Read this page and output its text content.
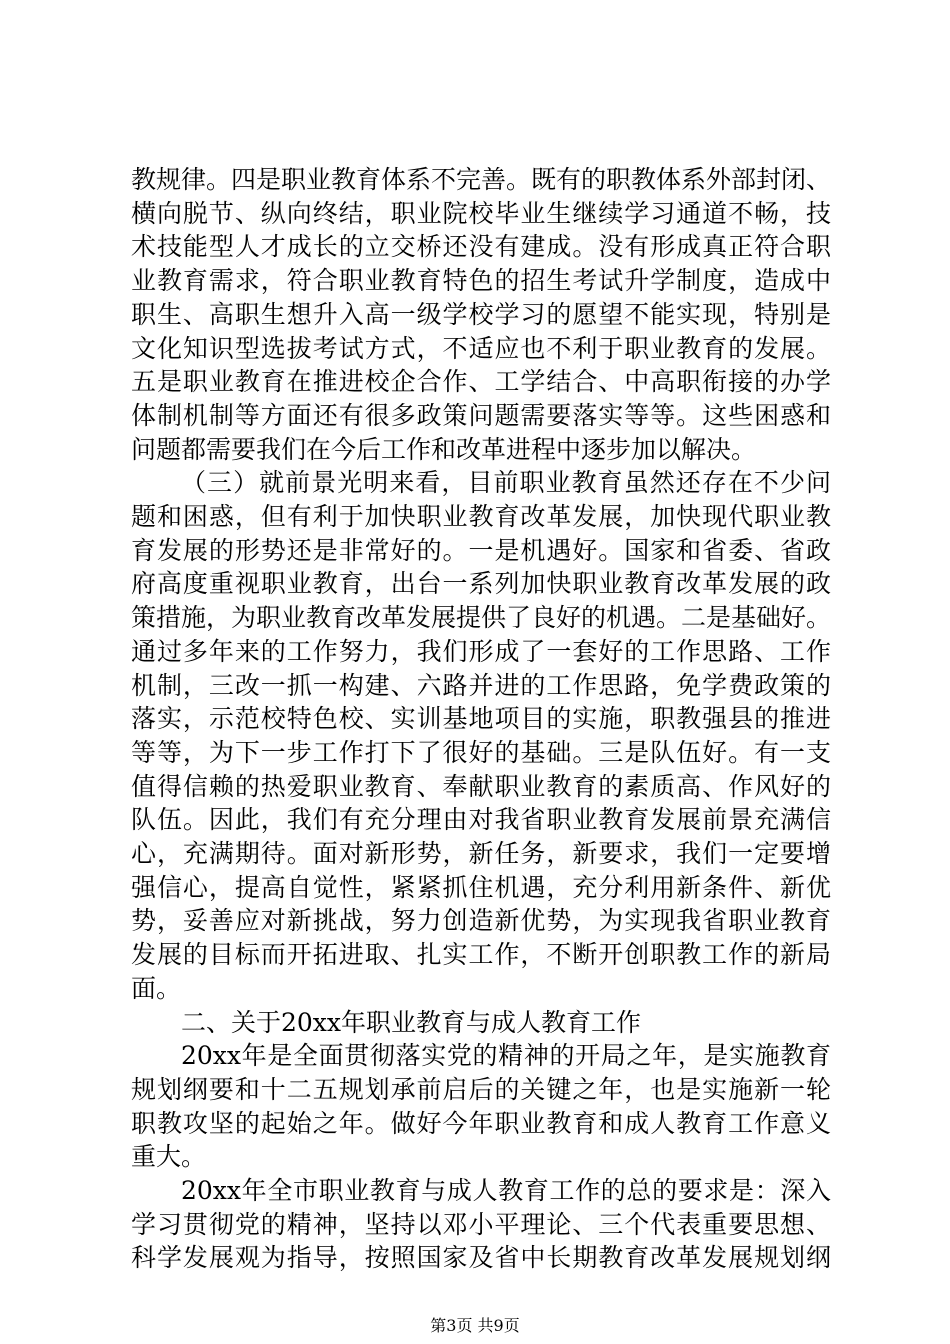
教规律。四是职业教育体系不完善。既有的职教体系外部封闭、
横向脱节、纵向终结，职业院校毕业生继续学习通道不畅，技
术技能型人才成长的立交桥还没有建成。没有形成真正符合职
业教育需求，符合职业教育特色的招生考试升学制度，造成中
职生、高职生想升入高一级学校学习的愿望不能实现，特别是
文化知识型选拔考试方式，不适应也不利于职业教育的发展。
五是职业教育在推进校企合作、工学结合、中高职衔接的办学
体制机制等方面还有很多政策问题需要落实等等。这些困惑和
问题都需要我们在今后工作和改革进程中逐步加以解决。
（三）就前景光明来看，目前职业教育虽然还存在不少问
题和困惑，但有利于加快职业教育改革发展，加快现代职业教
育发展的形势还是非常好的。一是机遇好。国家和省委、省政
府高度重视职业教育，出台一系列加快职业教育改革发展的政
策措施，为职业教育改革发展提供了良好的机遇。二是基础好。
通过多年来的工作努力，我们形成了一套好的工作思路、工作
机制，三改一抓一构建、六路并进的工作思路，免学费政策的
落实，示范校特色校、实训基地项目的实施，职教强县的推进
等等，为下一步工作打下了很好的基础。三是队伍好。有一支
值得信赖的热爱职业教育、奉献职业教育的素质高、作风好的
队伍。因此，我们有充分理由对我省职业教育发展前景充满信
心，充满期待。面对新形势，新任务，新要求，我们一定要增
强信心，提高自觉性，紧紧抓住机遇，充分利用新条件、新优
势，妥善应对新挑战，努力创造新优势，为实现我省职业教育
发展的目标而开拓进取、扎实工作，不断开创职教工作的新局
面。
二、关于20xx年职业教育与成人教育工作
20xx年是全面贯彻落实党的精神的开局之年，是实施教育
规划纲要和十二五规划承前启后的关键之年，也是实施新一轮
职教攻坚的起始之年。做好今年职业教育和成人教育工作意义
重大。
20xx年全市职业教育与成人教育工作的总的要求是：深入
学习贯彻党的精神，坚持以邓小平理论、三个代表重要思想、
科学发展观为指导，按照国家及省中长期教育改革发展规划纲
第3页 共9页
